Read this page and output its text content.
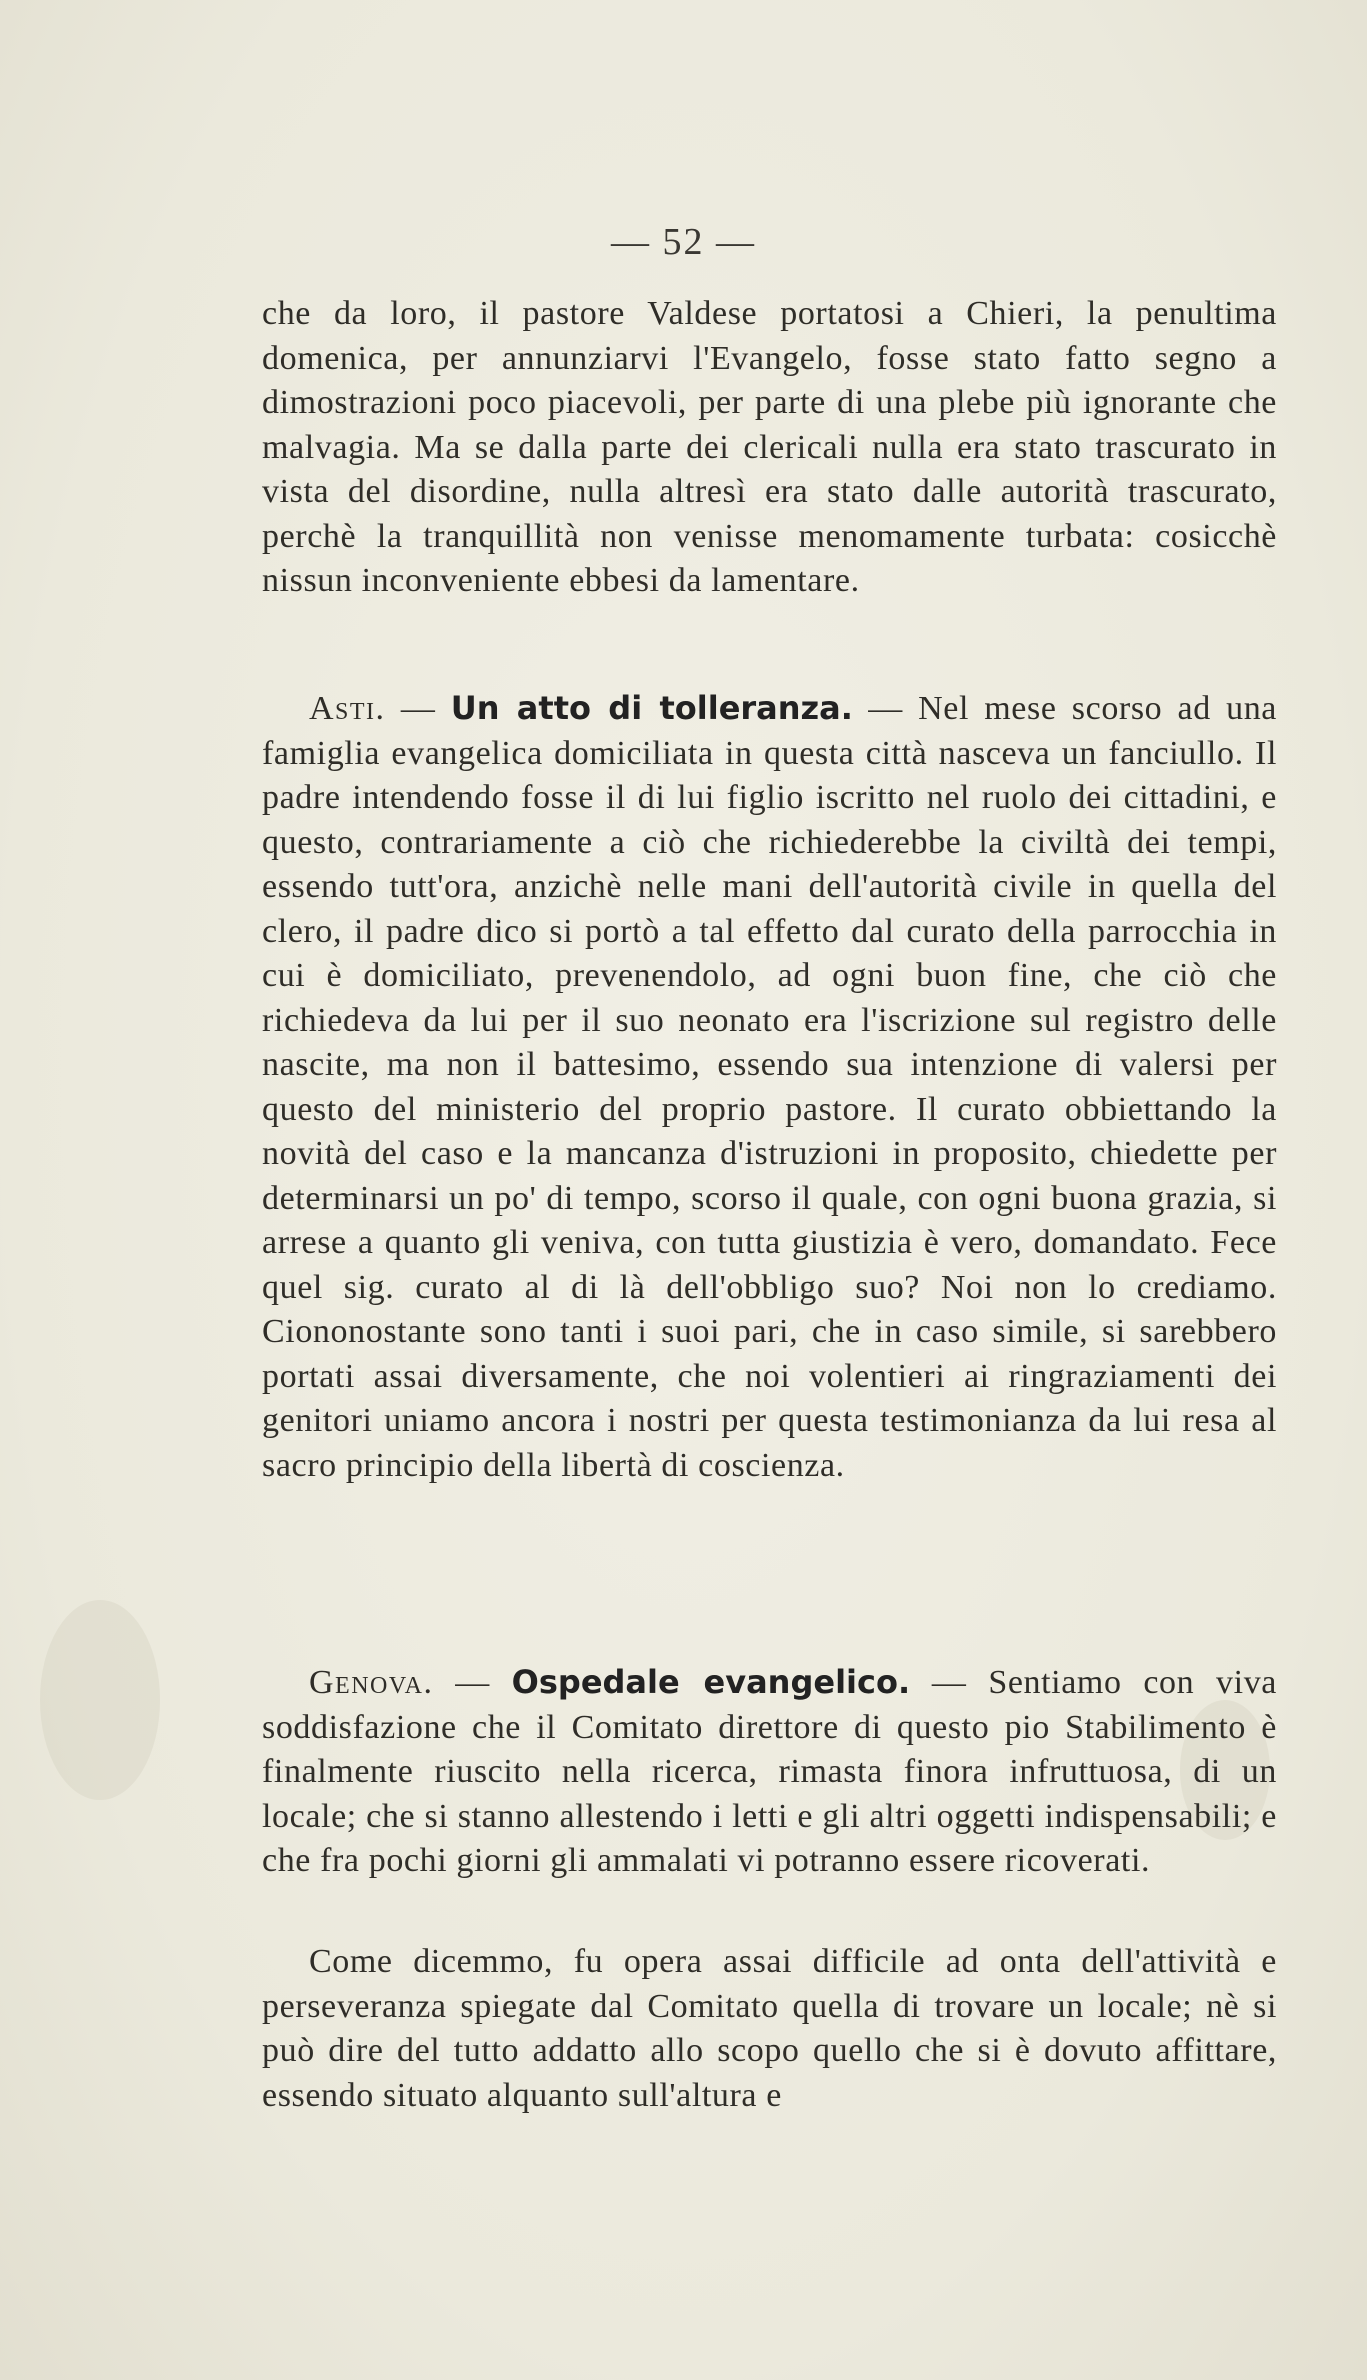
— 52 —

che da loro, il pastore Valdese portatosi a Chieri, la penultima domenica, per annunziarvi l'Evangelo, fosse stato fatto segno a dimostrazioni poco piacevoli, per parte di una plebe più ignorante che malvagia. Ma se dalla parte dei clericali nulla era stato trascurato in vista del disordine, nulla altresì era stato dalle autorità trascurato, perchè la tranquillità non venisse menomamente turbata: cosicchè nissun inconveniente ebbesi da lamentare.

Asti. — Un atto di tolleranza. — Nel mese scorso ad una famiglia evangelica domiciliata in questa città nasceva un fanciullo. Il padre intendendo fosse il di lui figlio iscritto nel ruolo dei cittadini, e questo, contrariamente a ciò che richiederebbe la civiltà dei tempi, essendo tutt'ora, anzichè nelle mani dell'autorità civile in quella del clero, il padre dico si portò a tal effetto dal curato della parrocchia in cui è domiciliato, prevenendolo, ad ogni buon fine, che ciò che richiedeva da lui per il suo neonato era l'iscrizione sul registro delle nascite, ma non il battesimo, essendo sua intenzione di valersi per questo del ministerio del proprio pastore. Il curato obbiettando la novità del caso e la mancanza d'istruzioni in proposito, chiedette per determinarsi un po' di tempo, scorso il quale, con ogni buona grazia, si arrese a quanto gli veniva, con tutta giustizia è vero, domandato. Fece quel sig. curato al di là dell'obbligo suo? Noi non lo crediamo. Ciononostante sono tanti i suoi pari, che in caso simile, si sarebbero portati assai diversamente, che noi volentieri ai ringraziamenti dei genitori uniamo ancora i nostri per questa testimonianza da lui resa al sacro principio della libertà di coscienza.

Genova. — Ospedale evangelico. — Sentiamo con viva soddisfazione che il Comitato direttore di questo pio Stabilimento è finalmente riuscito nella ricerca, rimasta finora infruttuosa, di un locale; che si stanno allestendo i letti e gli altri oggetti indispensabili; e che fra pochi giorni gli ammalati vi potranno essere ricoverati.

Come dicemmo, fu opera assai difficile ad onta dell'attività e perseveranza spiegate dal Comitato quella di trovare un locale; nè si può dire del tutto addatto allo scopo quello che si è dovuto affittare, essendo situato alquanto sull'altura e
